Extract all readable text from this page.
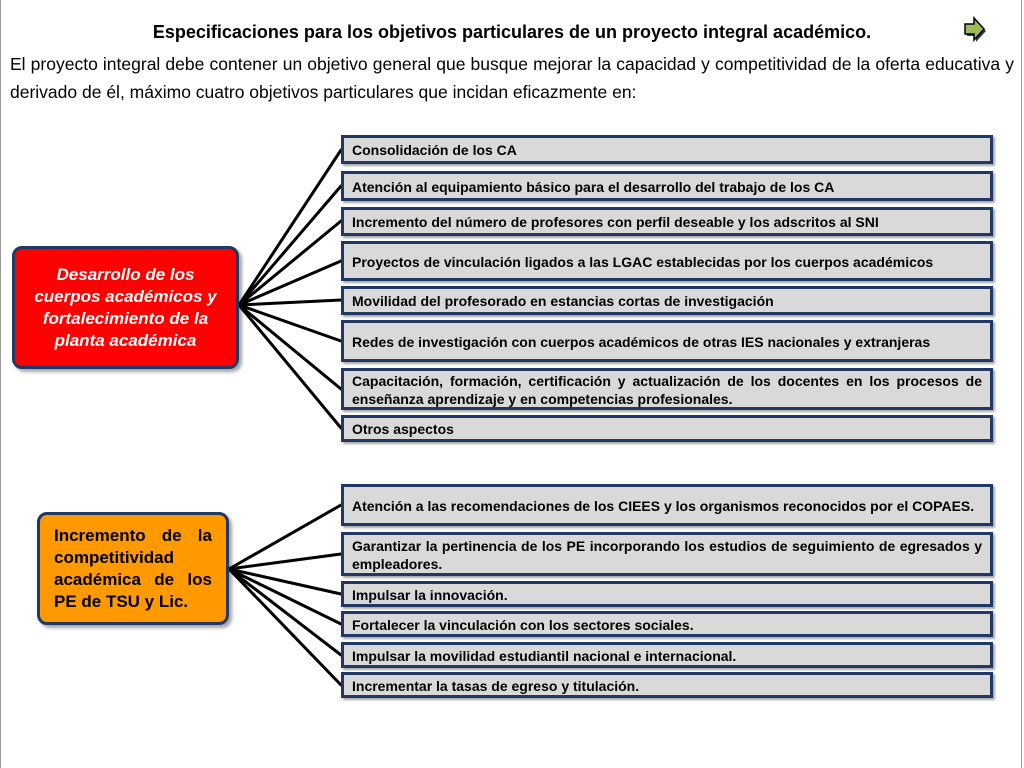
Especificaciones para los objetivos particulares de un proyecto integral académico.
El proyecto integral debe contener un objetivo general que busque mejorar la capacidad y competitividad de la oferta educativa y derivado de él, máximo cuatro objetivos particulares que incidan eficazmente en:
Desarrollo de los cuerpos académicos y fortalecimiento de la planta académica
Incremento de la competitividad académica de los PE de TSU y Lic.
Consolidación de los CA
Atención al equipamiento básico para el desarrollo del trabajo de los CA
Incremento del número de profesores con perfil deseable y los adscritos al SNI
Proyectos de vinculación ligados a las LGAC establecidas por los cuerpos académicos
Movilidad del profesorado en estancias cortas de investigación
Redes de investigación con cuerpos académicos de otras IES nacionales y extranjeras
Capacitación, formación, certificación y actualización de los docentes en los procesos de enseñanza aprendizaje y en competencias profesionales.
Otros aspectos
Atención a las recomendaciones de los CIEES y los organismos reconocidos por el COPAES.
Garantizar la pertinencia de los PE incorporando los estudios de seguimiento de egresados y empleadores.
Impulsar la innovación.
Fortalecer la vinculación con los sectores sociales.
Impulsar la movilidad estudiantil nacional e internacional.
Incrementar la tasas de egreso y titulación.
